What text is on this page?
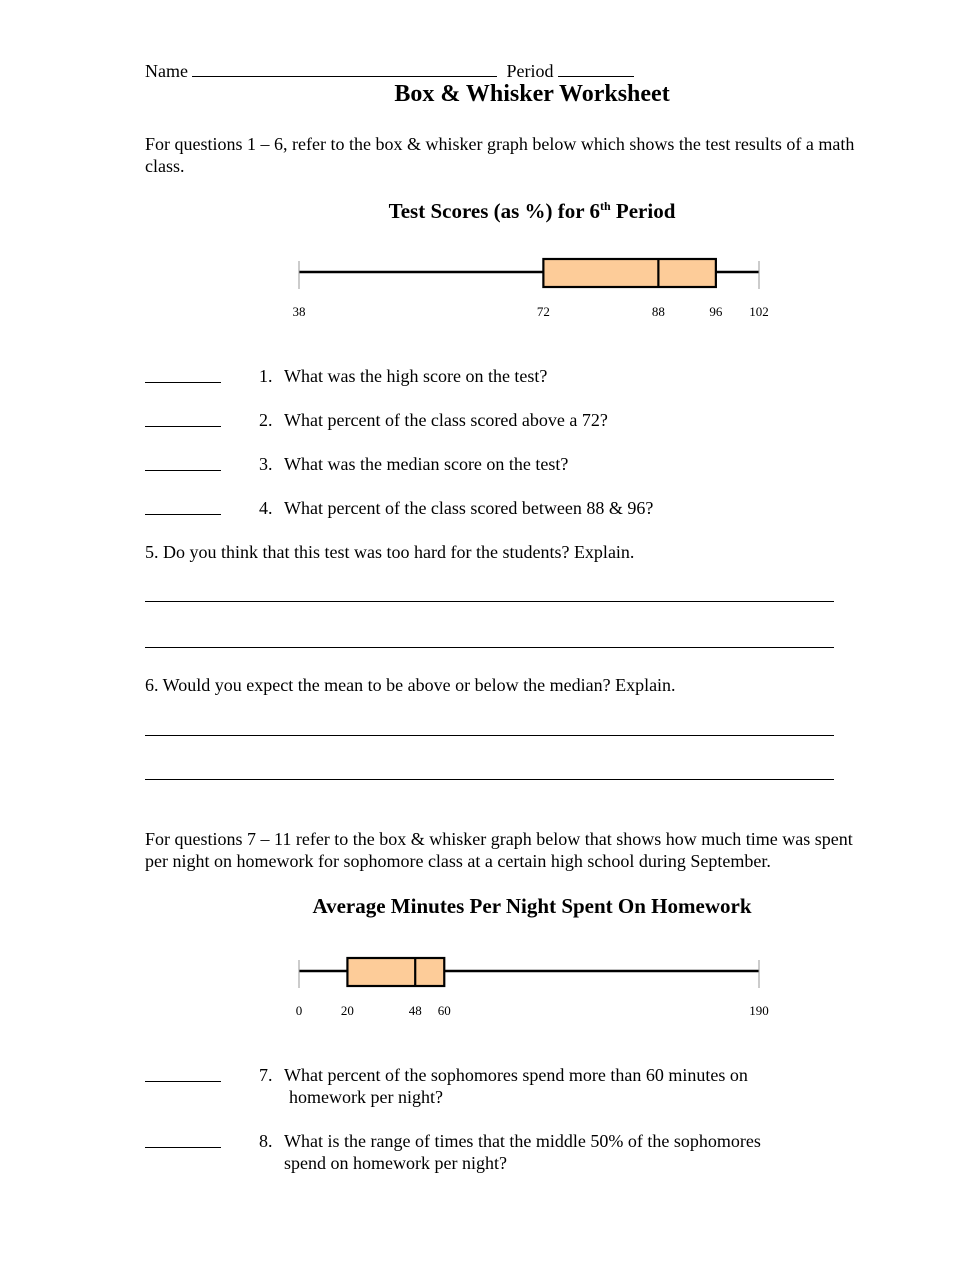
Name	Period
Box & Whisker Worksheet
For questions 1 – 6, refer to the box & whisker graph below which shows the test results of a math
class.
Test Scores (as %) for 6th Period
38	72	88	96 102
1. What was the high score on the test?
2. What percent of the class scored above a 72?
3. What was the median score on the test?
4. What percent of the class scored between 88 & 96?
5. Do you think that this test was too hard for the students? Explain.
6. Would you expect the mean to be above or below the median? Explain.
For questions 7 – 11 refer to the box & whisker graph below that shows how much time was spent
per night on homework for sophomore class at a certain high school during September.
Average Minutes Per Night Spent On Homework
0	20	48 60	190
7. What percent of the sophomores spend more than 60 minutes on
homework per night?
8. What is the range of times that the middle 50% of the sophomores
spend on homework per night?
